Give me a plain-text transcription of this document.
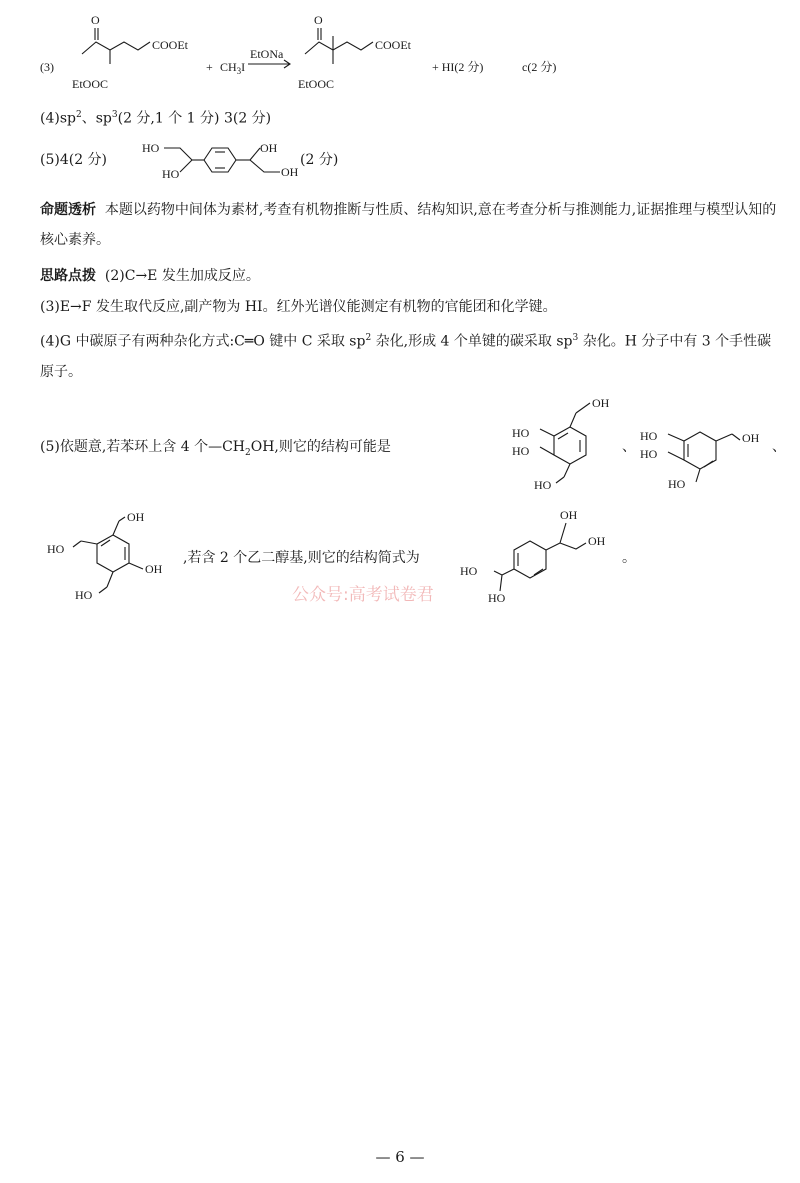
(3)
O
COOEt
EtOOC
+ $CH_3I$
EtONa
O
COOEt
EtOOC
+ HI(2 分)	c(2 分)
$(4)sp^2$、$sp^3(2$ 分,1 个 1 分) 3(2 分)
(5)4(2 分)
HO
HO
OH
OH
(2 分)
命题透析 本题以药物中间体为素材,考查有机物推断与性质、结构知识,意在考查分析与推测能力,证据推理与模型认知的核心素养。
思路点拨 (2)C→E 发生加成反应。
(3)E→F 发生取代反应,副产物为 HI。红外光谱仪能测定有机物的官能团和化学键。
(4)G 中碳原子有两种杂化方式:C═O 键中 C 采取 $sp^2$ 杂化,形成 4 个单键的碳采取 $sp^3$ 杂化。H 分子中有 3 个手性碳原子。
(5)依题意,若苯环上含 4 个$—CH_2OH$,则它的结构可能是
OH
HO
HO
HO
、
OH
HO
HO
HO
、
OH
HO
OH
HO
,若含 2 个乙二醇基,则它的结构简式为
OH
OH
HO
HO
。
公众号:高考试卷君
— 6 —
